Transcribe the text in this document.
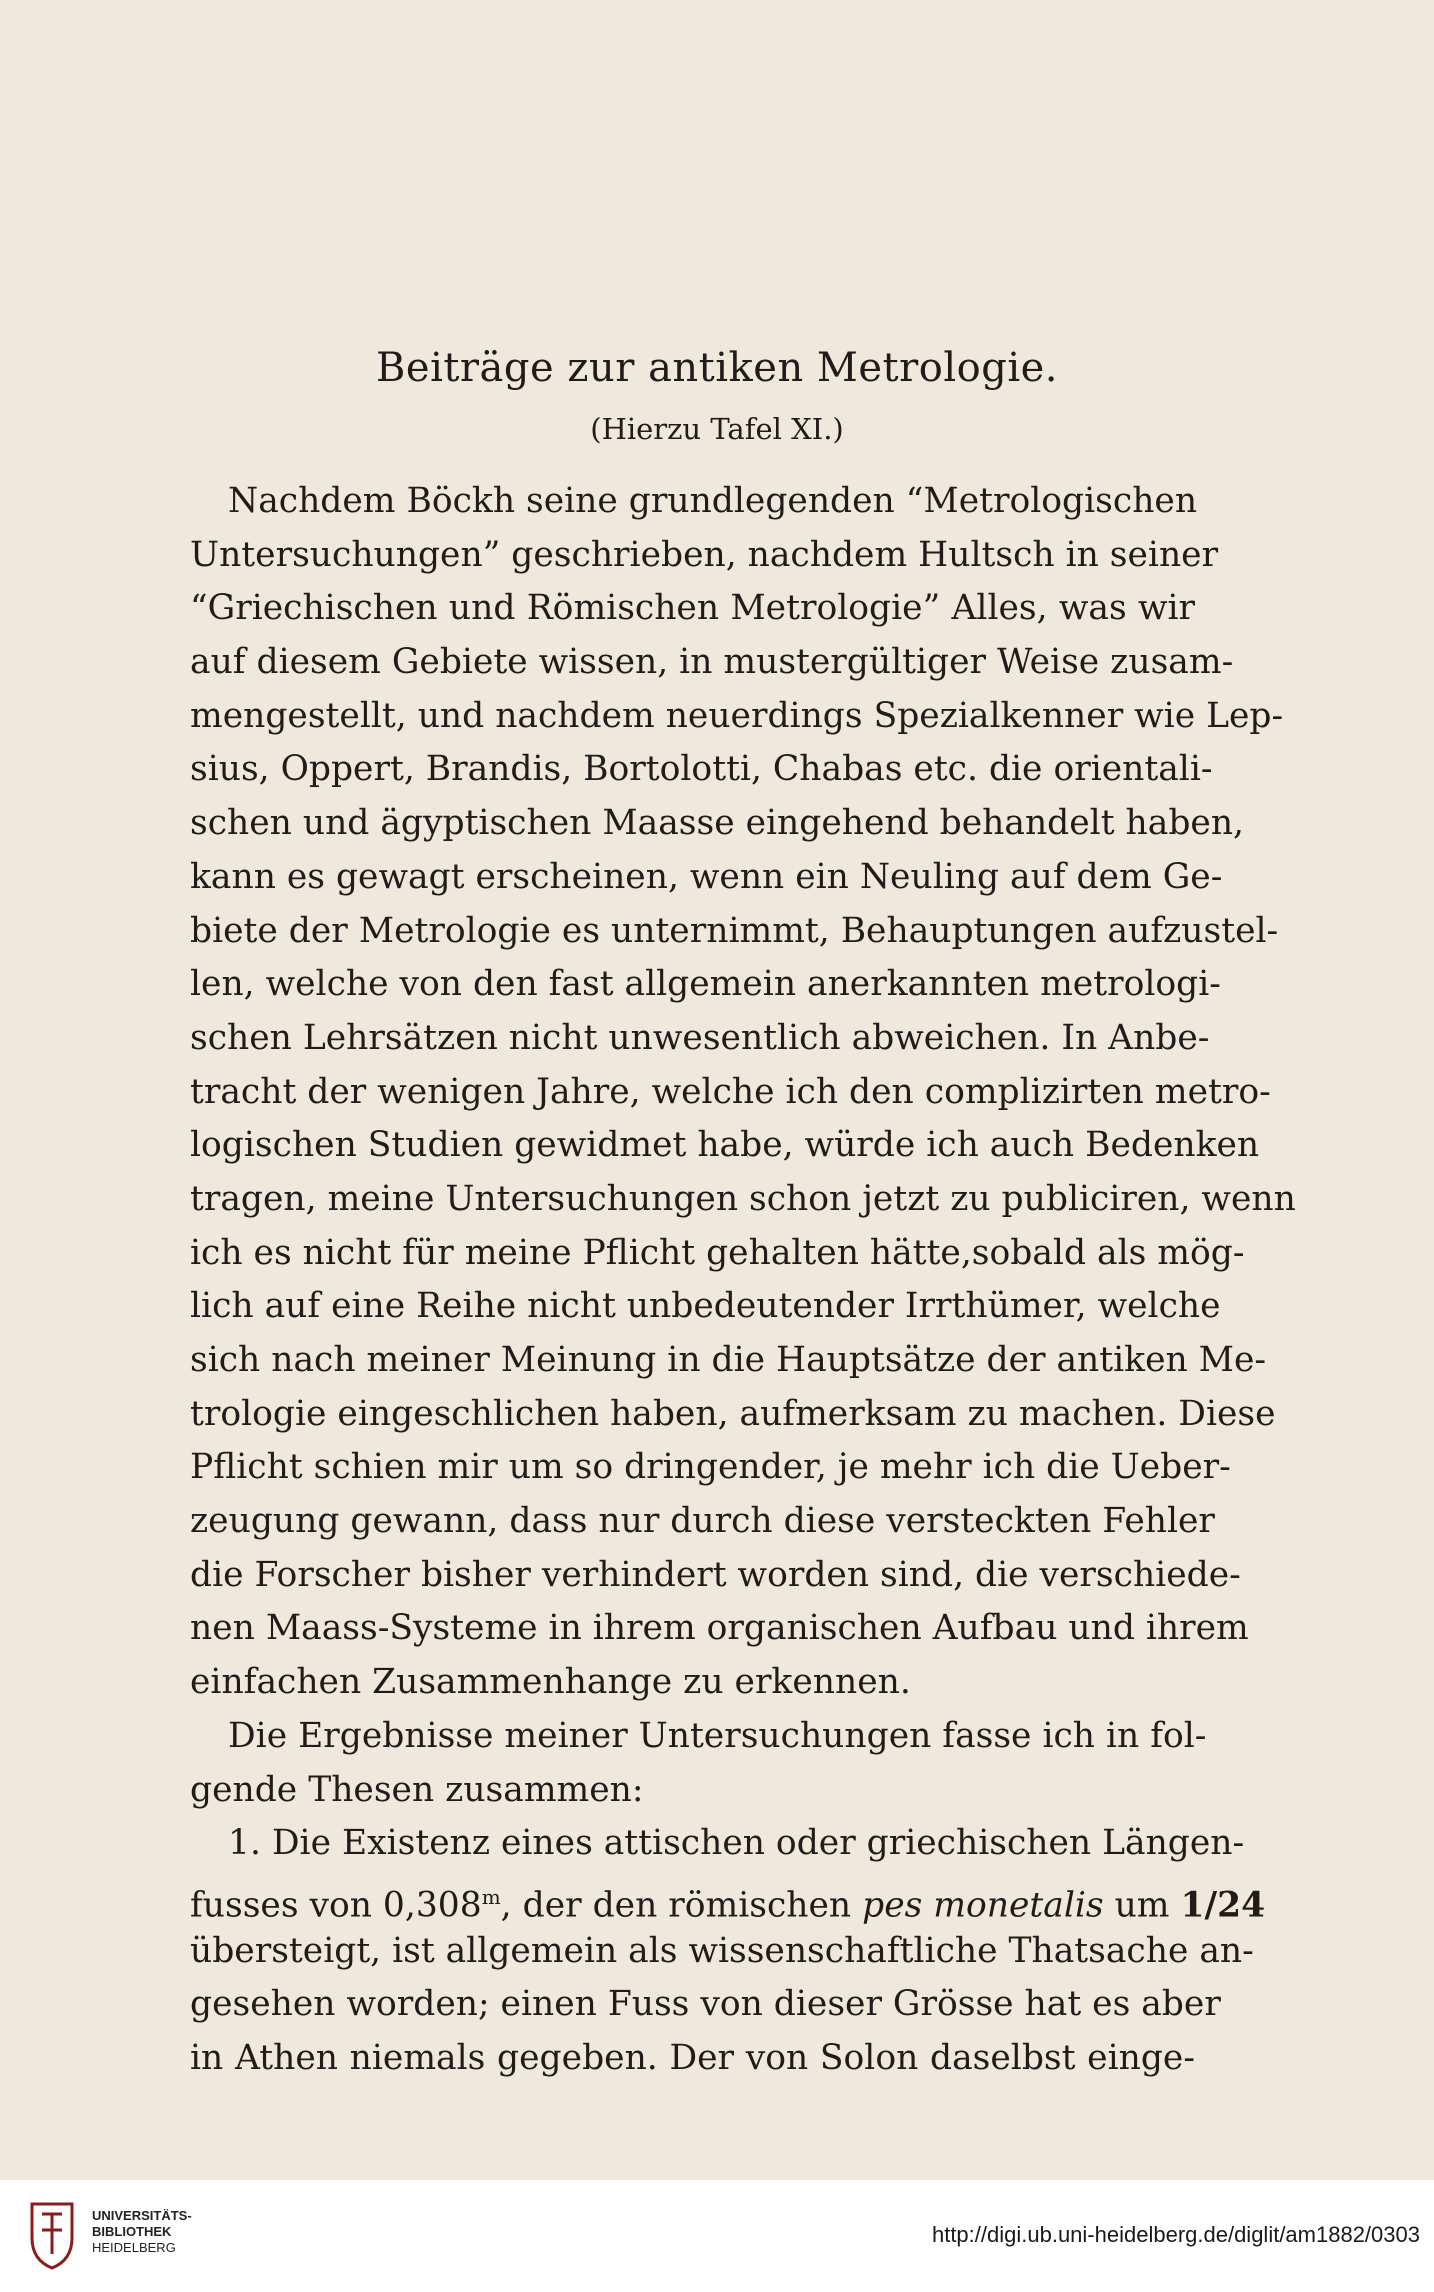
Beiträge zur antiken Metrologie.
(Hierzu Tafel XI.)
Nachdem Böckh seine grundlegenden “Metrologischen
Untersuchungen” geschrieben, nachdem Hultsch in seiner
“Griechischen und Römischen Metrologie” Alles, was wir
auf diesem Gebiete wissen, in mustergültiger Weise zusam-
mengestellt, und nachdem neuerdings Spezialkenner wie Lep-
sius, Oppert, Brandis, Bortolotti, Chabas etc. die orientali-
schen und ägyptischen Maasse eingehend behandelt haben,
kann es gewagt erscheinen, wenn ein Neuling auf dem Ge-
biete der Metrologie es unternimmt, Behauptungen aufzustel-
len, welche von den fast allgemein anerkannten metrologi-
schen Lehrsätzen nicht unwesentlich abweichen. In Anbe-
tracht der wenigen Jahre, welche ich den complizirten metro-
logischen Studien gewidmet habe, würde ich auch Bedenken
tragen, meine Untersuchungen schon jetzt zu publiciren, wenn
ich es nicht für meine Pflicht gehalten hätte,sobald als mög-
lich auf eine Reihe nicht unbedeutender Irrthümer, welche
sich nach meiner Meinung in die Hauptsätze der antiken Me-
trologie eingeschlichen haben, aufmerksam zu machen. Diese
Pflicht schien mir um so dringender, je mehr ich die Ueber-
zeugung gewann, dass nur durch diese versteckten Fehler
die Forscher bisher verhindert worden sind, die verschiede-
nen Maass-Systeme in ihrem organischen Aufbau und ihrem
einfachen Zusammenhange zu erkennen.
Die Ergebnisse meiner Untersuchungen fasse ich in fol-
gende Thesen zusammen:
1. Die Existenz eines attischen oder griechischen Längen-
fusses von 0,308$^m$, der den römischen pes monetalis um 1/24
übersteigt, ist allgemein als wissenschaftliche Thatsache an-
gesehen worden; einen Fuss von dieser Grösse hat es aber
in Athen niemals gegeben. Der von Solon daselbst einge-
UNIVERSITÄTS-
BIBLIOTHEK
HEIDELBERG
http://digi.ub.uni-heidelberg.de/diglit/am1882/0303
